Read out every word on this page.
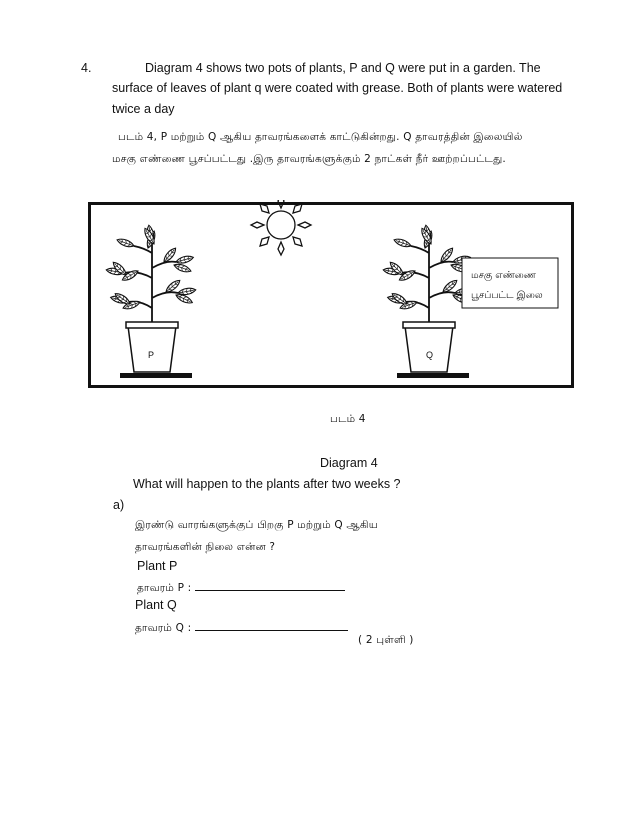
4.	Diagram 4 shows two pots of plants, P and Q were put in a garden. The
surface of leaves of plant q were coated with grease. Both of plants were watered
twice a day
படம் 4, P மற்றும் Q ஆகிய தாவரங்களைக் காட்டுகின்றது. Q தாவரத்தின் இலையில்
மசகு எண்ணை பூசப்பட்டது .இரு தாவரங்களுக்கும் 2 நாட்கள் நீர் ஊற்றப்பட்டது.
P	Q
மசகு எண்ணை
பூசப்பட்ட இலை
படம் 4
Diagram 4
What will happen to the plants after two weeks ?
a)
இரண்டு வாரங்களுக்குப் பிறகு P மற்றும் Q ஆகிய
தாவரங்களின் நிலை என்ன ?
Plant P
தாவரம் P :
Plant Q
தாவரம் Q :
( 2 புள்ளி )
